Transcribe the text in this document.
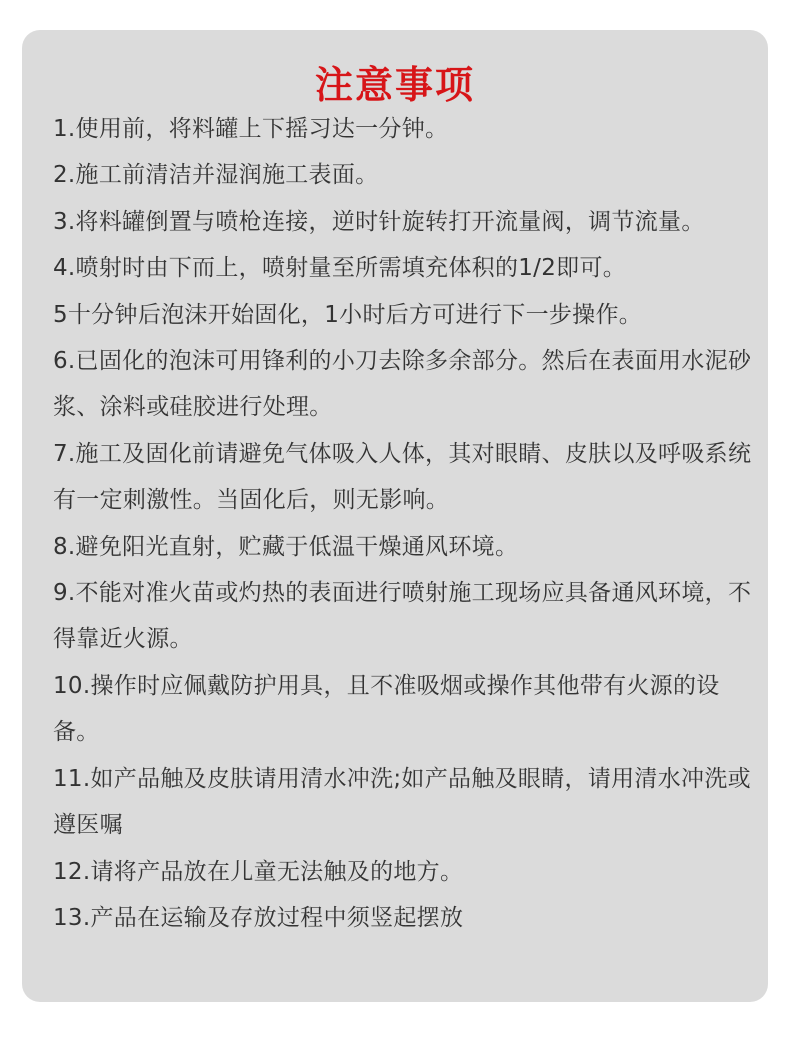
注意事项
1.使用前，将料罐上下摇习达一分钟。
2.施工前清洁并湿润施工表面。
3.将料罐倒置与喷枪连接，逆时针旋转打开流量阀，调节流量。
4.喷射时由下而上，喷射量至所需填充体积的1/2即可。
5十分钟后泡沫开始固化，1小时后方可进行下一步操作。
6.已固化的泡沫可用锋利的小刀去除多余部分。然后在表面用水泥砂浆、涂料或硅胶进行处理。
7.施工及固化前请避免气体吸入人体，其对眼睛、皮肤以及呼吸系统有一定刺激性。当固化后，则无影响。
8.避免阳光直射，贮藏于低温干燥通风环境。
9.不能对准火苗或灼热的表面进行喷射施工现场应具备通风环境，不得靠近火源。
10.操作时应佩戴防护用具，且不准吸烟或操作其他带有火源的设备。
11.如产品触及皮肤请用清水冲洗;如产品触及眼睛，请用清水冲洗或遵医嘱
12.请将产品放在儿童无法触及的地方。
13.产品在运输及存放过程中须竖起摆放
